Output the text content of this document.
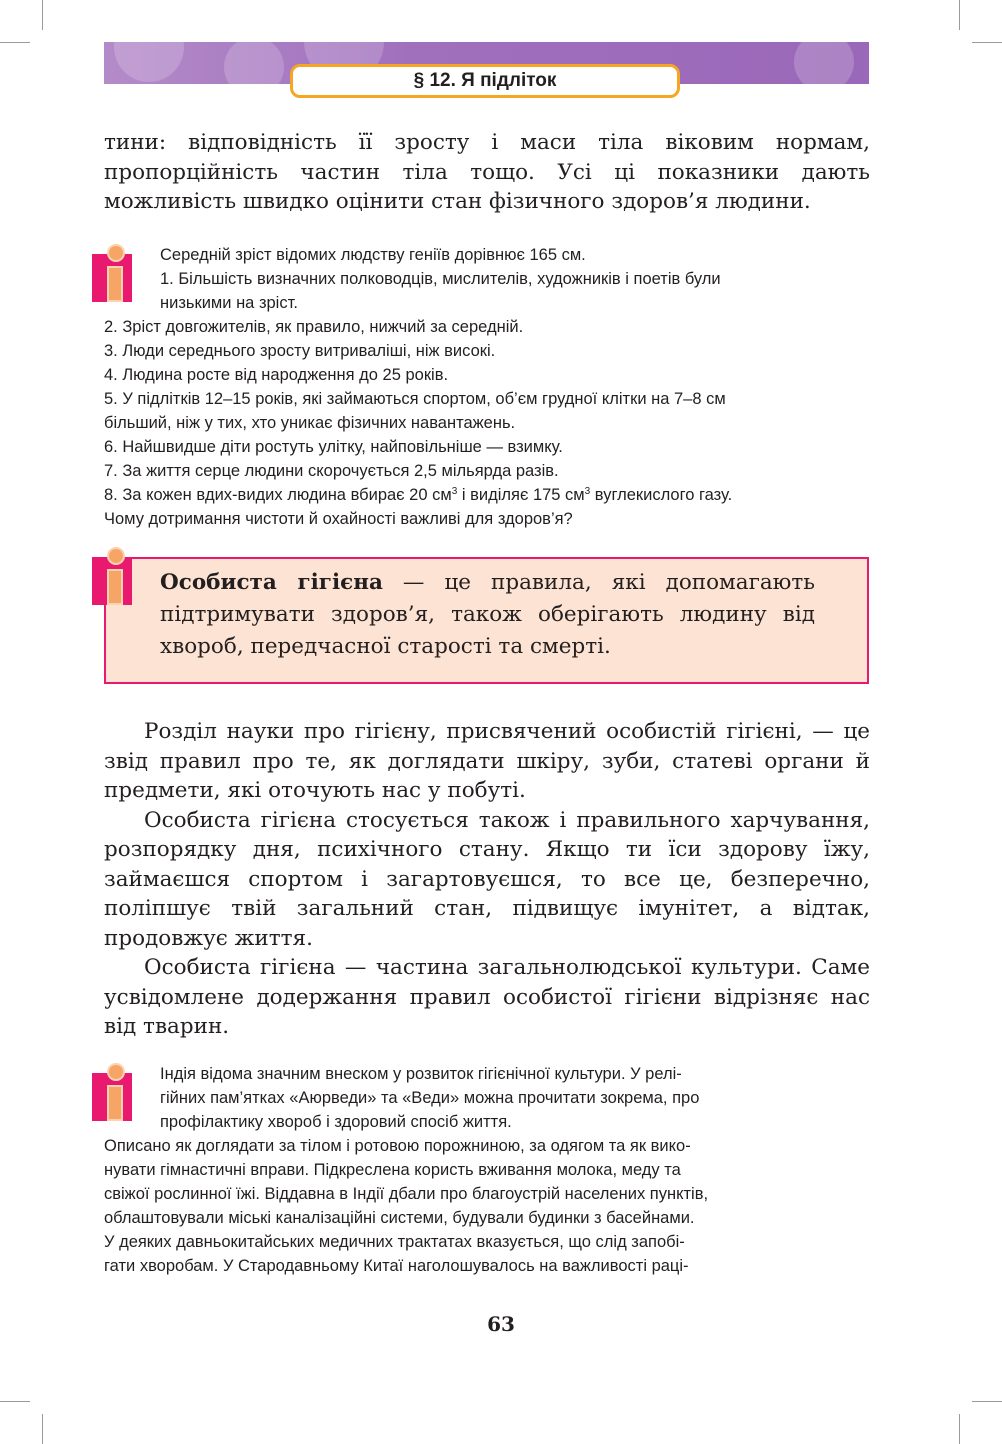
§ 12. Я підліток

тини: відповідність її зросту і маси тіла віковим нормам, пропорційність частин тіла тощо. Усі ці показники дають можливість швидко оцінити стан фізичного здоров’я людини.

Середній зріст відомих людству геніїв дорівнює 165 см.
1. Більшість визначних полководців, мислителів, художників і поетів були
низькими на зріст.
2. Зріст довгожителів, як правило, нижчий за середній.
3. Люди середнього зросту витриваліші, ніж високі.
4. Людина росте від народження до 25 років.
5. У підлітків 12–15 років, які займаються спортом, об’єм грудної клітки на 7–8 см
більший, ніж у тих, хто уникає фізичних навантажень.
6. Найшвидше діти ростуть улітку, найповільніше — взимку.
7. За життя серце людини скорочується 2,5 мільярда разів.
8. За кожен вдих-видих людина вбирає 20 $см^3$ і виділяє 175 $см^3$ вуглекислого газу.
Чому дотримання чистоти й охайності важливі для здоров’я?

Особиста гігієна — це правила, які допомагають підтримувати здоров’я, також оберігають людину від хвороб, передчасної старості та смерті.

Розділ науки про гігієну, присвячений особистій гігієні, — це звід правил про те, як доглядати шкіру, зуби, статеві органи й предмети, які оточують нас у побуті.

Особиста гігієна стосується також і правильного харчування, розпорядку дня, психічного стану. Якщо ти їси здорову їжу, займаєшся спортом і загартовуєшся, то все це, безперечно, поліпшує твій загальний стан, підвищує імунітет, а відтак, продовжує життя.

Особиста гігієна — частина загальнолюдської культури. Саме усвідомлене додержання правил особистої гігієни відрізняє нас від тварин.

Індія відома значним внеском у розвиток гігієнічної культури. У релі-
гійних пам’ятках «Аюрведи» та «Веди» можна прочитати зокрема, про
профілактику хвороб і здоровий спосіб життя.
Описано як доглядати за тілом і ротовою порожниною, за одягом та як вико-
нувати гімнастичні вправи. Підкреслена користь вживання молока, меду та
свіжої рослинної їжі. Віддавна в Індії дбали про благоустрій населених пунктів,
облаштовували міські каналізаційні системи, будували будинки з басейнами.
У деяких давньокитайських медичних трактатах вказується, що слід запобі-
гати хворобам. У Стародавньому Китаї наголошувалось на важливості раці-
63
